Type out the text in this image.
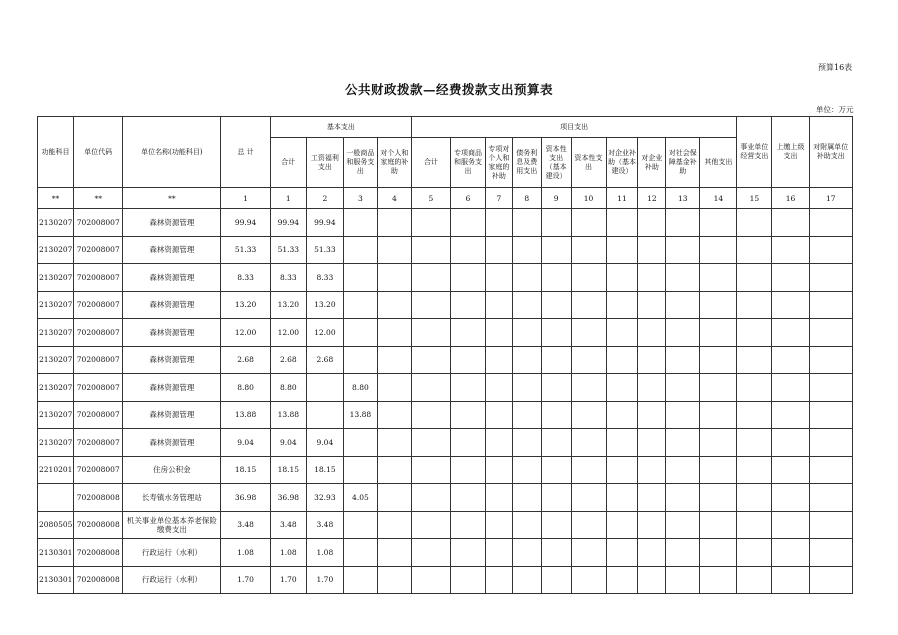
预算16表
公共财政拨款—经费拨款支出预算表
单位：万元
功能科目	单位代码	单位名称(功能科目)	总 计	基本支出				项目支出										事业单位经营支出	上缴上级支出	对附属单位补助支出
				合计	工资福利支出	一般商品和服务支出	对个人和家庭的补助	合计	专项商品和服务支出	专项对个人和家庭的补助	债务利息及费用支出	资本性支出（基本建设）	资本性支出	对企业补助（基本建设）	对企业补助	对社会保障基金补助	其他支出			
**	**	**	1	1	2	3	4	5	6	7	8	9	10	11	12	13	14	15	16	17
2130207	702008007	森林资源管理	99.94	99.94	99.94															
2130207	702008007	森林资源管理	51.33	51.33	51.33															
2130207	702008007	森林资源管理	8.33	8.33	8.33															
2130207	702008007	森林资源管理	13.20	13.20	13.20															
2130207	702008007	森林资源管理	12.00	12.00	12.00															
2130207	702008007	森林资源管理	2.68	2.68	2.68															
2130207	702008007	森林资源管理	8.80	8.80		8.80														
2130207	702008007	森林资源管理	13.88	13.88		13.88														
2130207	702008007	森林资源管理	9.04	9.04	9.04															
2210201	702008007	住房公积金	18.15	18.15	18.15															
	702008008	长寿镇水务管理站	36.98	36.98	32.93	4.05														
2080505	702008008	机关事业单位基本养老保险缴费支出	3.48	3.48	3.48															
2130301	702008008	行政运行（水利）	1.08	1.08	1.08															
2130301	702008008	行政运行（水利）	1.70	1.70	1.70															
